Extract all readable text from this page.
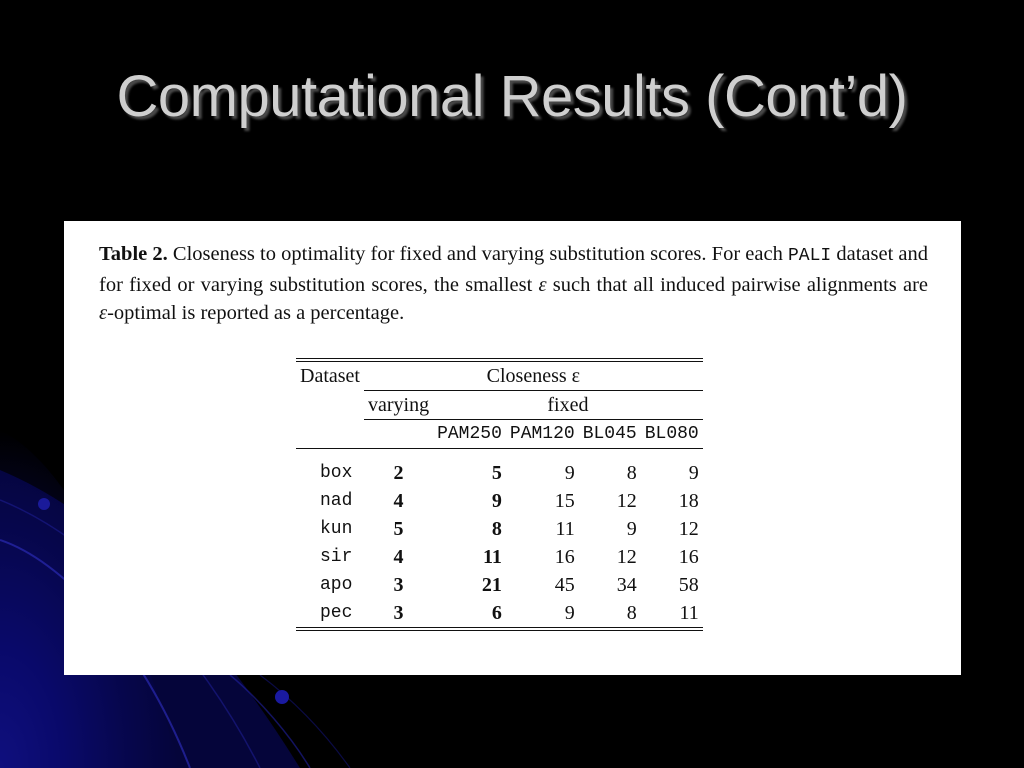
Computational Results (Cont’d)

Table 2. Closeness to optimality for fixed and varying substitution scores. For each PALI dataset and for fixed or varying substitution scores, the smallest ε such that all induced pairwise alignments are ε-optimal is reported as a percentage.

Dataset	Closeness ε				
	varying	fixed			
		PAM250	PAM120	BL045	BL080

box	2	5	9	8	9
nad	4	9	15	12	18
kun	5	8	11	9	12
sir	4	11	16	12	16
apo	3	21	45	34	58
pec	3	6	9	8	11
